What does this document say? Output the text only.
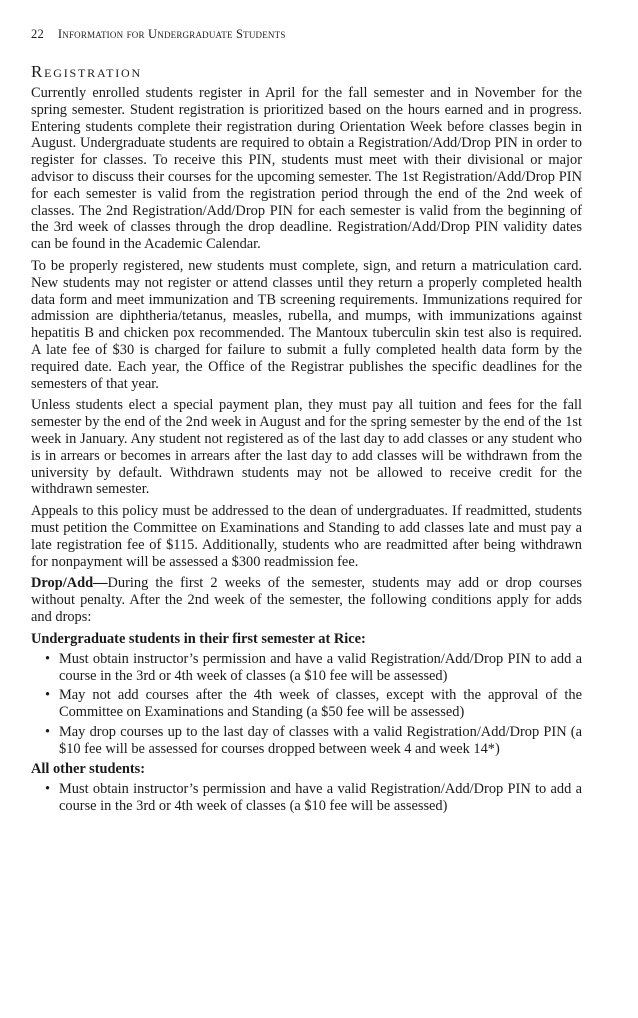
22 Information for Undergraduate Students
Registration

Currently enrolled students register in April for the fall semester and in November for the spring semester. Student registration is prioritized based on the hours earned and in progress. Entering students complete their registration during Orientation Week before classes begin in August. Undergraduate students are required to obtain a Registration/Add/Drop PIN in order to register for classes. To receive this PIN, students must meet with their divisional or major advisor to discuss their courses for the upcoming semester. The 1st Registration/Add/Drop PIN for each semester is valid from the registration period through the end of the 2nd week of classes. The 2nd Registration/Add/Drop PIN for each semester is valid from the beginning of the 3rd week of classes through the drop deadline. Registration/Add/Drop PIN validity dates can be found in the Academic Calendar.

To be properly registered, new students must complete, sign, and return a matriculation card. New students may not register or attend classes until they return a properly completed health data form and meet immunization and TB screening requirements. Immunizations required for admission are diphtheria/tetanus, measles, rubella, and mumps, with immunizations against hepatitis B and chicken pox recommended. The Mantoux tuberculin skin test also is required. A late fee of $30 is charged for failure to submit a fully completed health data form by the required date. Each year, the Office of the Registrar publishes the specific deadlines for the semesters of that year.

Unless students elect a special payment plan, they must pay all tuition and fees for the fall semester by the end of the 2nd week in August and for the spring semester by the end of the 1st week in January. Any student not registered as of the last day to add classes or any student who is in arrears or becomes in arrears after the last day to add classes will be withdrawn from the university by default. Withdrawn students may not be allowed to receive credit for the withdrawn semester.

Appeals to this policy must be addressed to the dean of undergraduates. If readmitted, students must petition the Committee on Examinations and Standing to add classes late and must pay a late registration fee of $115. Additionally, students who are readmitted after being withdrawn for nonpayment will be assessed a $300 readmission fee.

Drop/Add—During the first 2 weeks of the semester, students may add or drop courses without penalty. After the 2nd week of the semester, the following conditions apply for adds and drops:

Undergraduate students in their first semester at Rice:
• Must obtain instructor’s permission and have a valid Registration/Add/Drop PIN to add a course in the 3rd or 4th week of classes (a $10 fee will be assessed)
• May not add courses after the 4th week of classes, except with the approval of the Committee on Examinations and Standing (a $50 fee will be assessed)
• May drop courses up to the last day of classes with a valid Registration/Add/Drop PIN (a $10 fee will be assessed for courses dropped between week 4 and week 14*)
All other students:
• Must obtain instructor’s permission and have a valid Registration/Add/Drop PIN to add a course in the 3rd or 4th week of classes (a $10 fee will be assessed)
